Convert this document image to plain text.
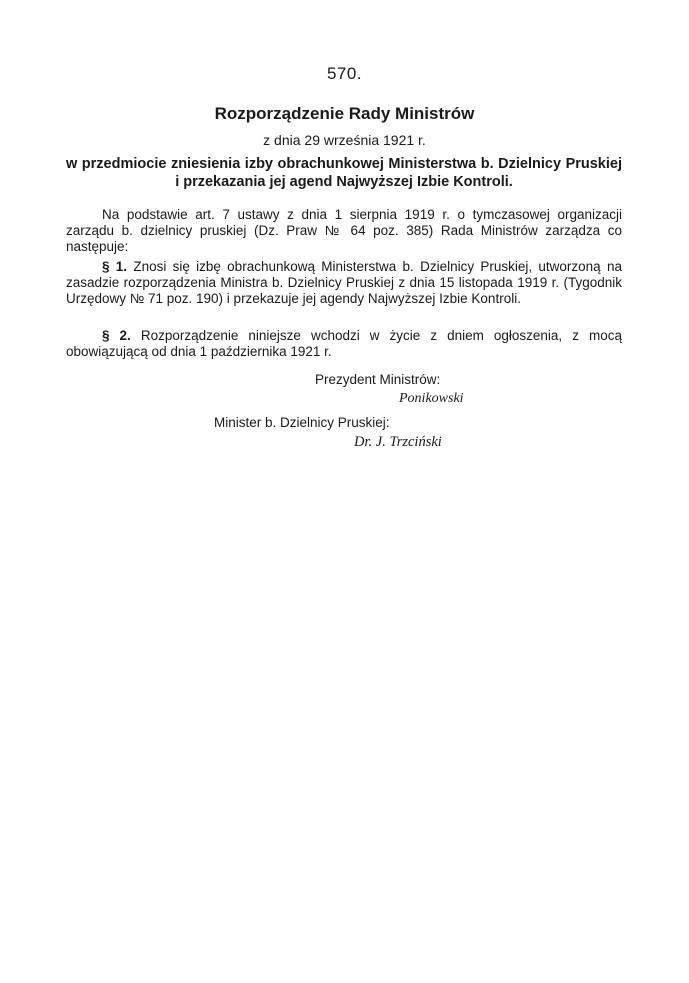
570.
Rozporządzenie Rady Ministrów
z dnia 29 września 1921 r.
w przedmiocie zniesienia izby obrachunkowej Ministerstwa b. Dzielnicy Pruskiej i przekazania jej agend Najwyższej Izbie Kontroli.
Na podstawie art. 7 ustawy z dnia 1 sierpnia 1919 r. o tymczasowej organizacji zarządu b. dzielnicy pruskiej (Dz. Praw № 64 poz. 385) Rada Ministrów zarządza co następuje:
§ 1. Znosi się izbę obrachunkową Ministerstwa b. Dzielnicy Pruskiej, utworzoną na zasadzie rozporządzenia Ministra b. Dzielnicy Pruskiej z dnia 15 listopada 1919 r. (Tygodnik Urzędowy № 71 poz. 190) i przekazuje jej agendy Najwyższej Izbie Kontroli.
§ 2. Rozporządzenie niniejsze wchodzi w życie z dniem ogłoszenia, z mocą obowiązującą od dnia 1 października 1921 r.
Prezydent Ministrów:
Ponikowski
Minister b. Dzielnicy Pruskiej:
Dr. J. Trzciński
